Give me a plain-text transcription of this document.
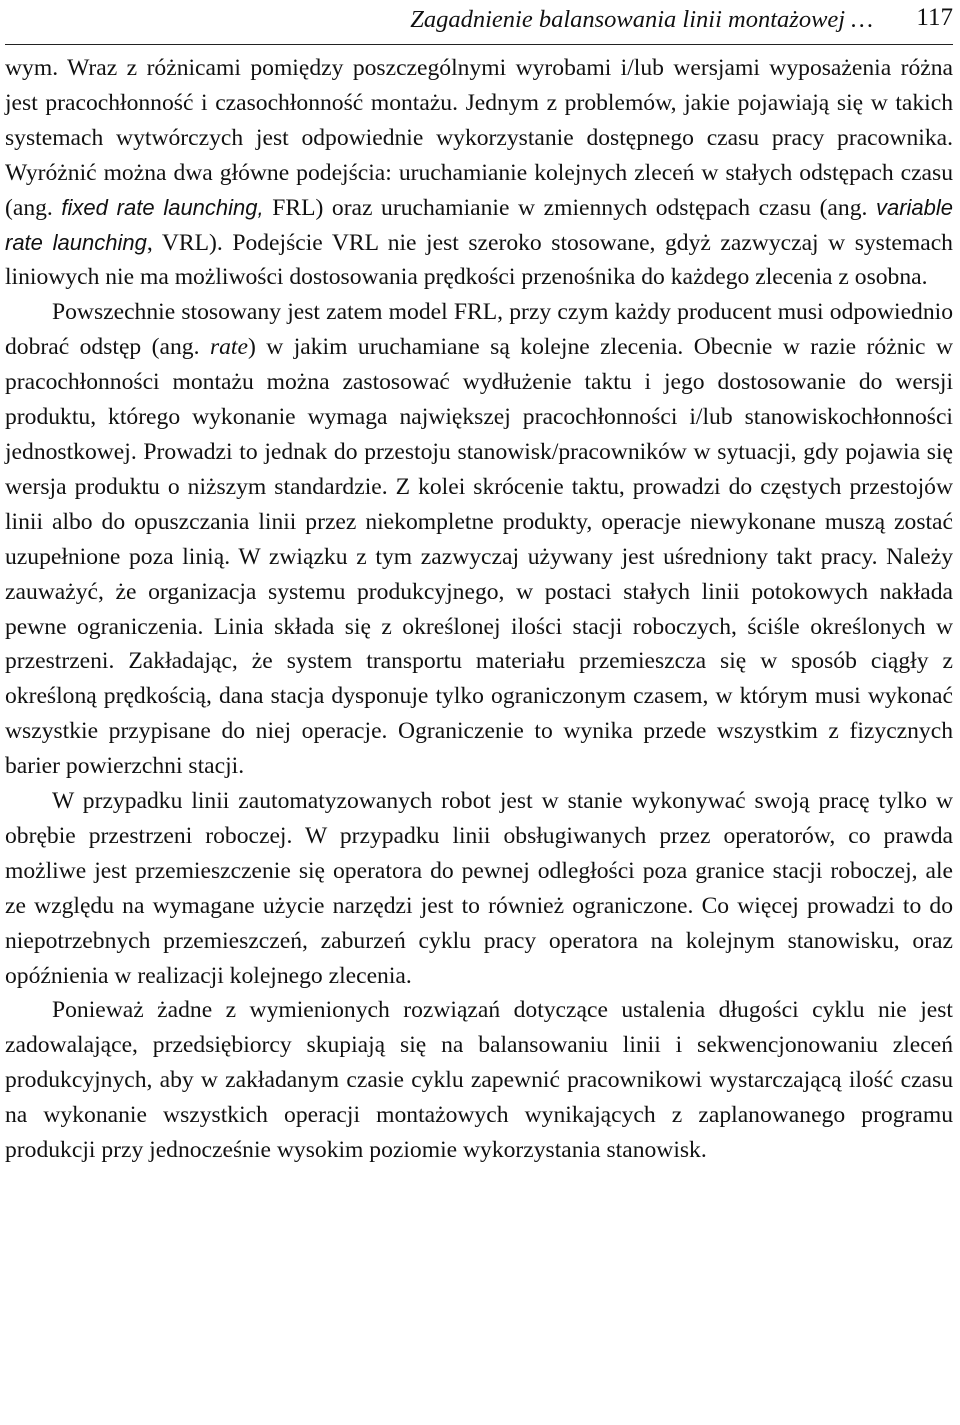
Zagadnienie balansowania linii montażowej … 117

wym. Wraz z różnicami pomiędzy poszczególnymi wyrobami i/lub wersjami wyposażenia różna jest pracochłonność i czasochłonność montażu. Jednym z problemów, jakie pojawiają się w takich systemach wytwórczych jest odpowiednie wykorzystanie dostępnego czasu pracy pracownika. Wyróżnić można dwa główne podejścia: uruchamianie kolejnych zleceń w stałych odstępach czasu (ang. fixed rate launching, FRL) oraz uruchamianie w zmiennych odstępach czasu (ang. variable rate launching, VRL). Podejście VRL nie jest szeroko stosowane, gdyż zazwyczaj w systemach liniowych nie ma możliwości dostosowania prędkości przenośnika do każdego zlecenia z osobna.

Powszechnie stosowany jest zatem model FRL, przy czym każdy producent musi odpowiednio dobrać odstęp (ang. rate) w jakim uruchamiane są kolejne zlecenia. Obecnie w razie różnic w pracochłonności montażu można zastosować wydłużenie taktu i jego dostosowanie do wersji produktu, którego wykonanie wymaga największej pracochłonności i/lub stanowiskochłonności jednostkowej. Prowadzi to jednak do przestoju stanowisk/pracowników w sytuacji, gdy pojawia się wersja produktu o niższym standardzie. Z kolei skrócenie taktu, prowadzi do częstych przestojów linii albo do opuszczania linii przez niekompletne produkty, operacje niewykonane muszą zostać uzupełnione poza linią. W związku z tym zazwyczaj używany jest uśredniony takt pracy. Należy zauważyć, że organizacja systemu produkcyjnego, w postaci stałych linii potokowych nakłada pewne ograniczenia. Linia składa się z określonej ilości stacji roboczych, ściśle określonych w przestrzeni. Zakładając, że system transportu materiału przemieszcza się w sposób ciągły z określoną prędkością, dana stacja dysponuje tylko ograniczonym czasem, w którym musi wykonać wszystkie przypisane do niej operacje. Ograniczenie to wynika przede wszystkim z fizycznych barier powierzchni stacji.

W przypadku linii zautomatyzowanych robot jest w stanie wykonywać swoją pracę tylko w obrębie przestrzeni roboczej. W przypadku linii obsługiwanych przez operatorów, co prawda możliwe jest przemieszczenie się operatora do pewnej odległości poza granice stacji roboczej, ale ze względu na wymagane użycie narzędzi jest to również ograniczone. Co więcej prowadzi to do niepotrzebnych przemieszczeń, zaburzeń cyklu pracy operatora na kolejnym stanowisku, oraz opóźnienia w realizacji kolejnego zlecenia.

Ponieważ żadne z wymienionych rozwiązań dotyczące ustalenia długości cyklu nie jest zadowalające, przedsiębiorcy skupiają się na balansowaniu linii i sekwencjonowaniu zleceń produkcyjnych, aby w zakładanym czasie cyklu zapewnić pracownikowi wystarczającą ilość czasu na wykonanie wszystkich operacji montażowych wynikających z zaplanowanego programu produkcji przy jednocześnie wysokim poziomie wykorzystania stanowisk.
